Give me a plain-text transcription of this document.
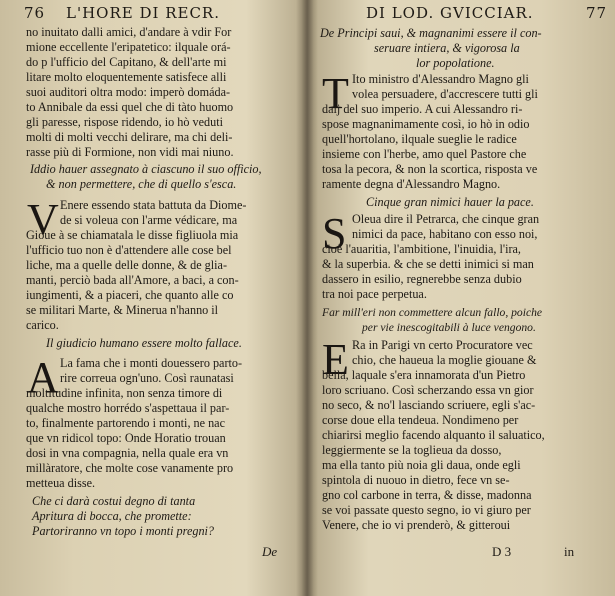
76 L'HORE DI RECR.
no inuitato dalli amici, d'andare à vdir For
mione eccellente l'eripatetico: ilquale orá-
do p l'ufficio del Capitano, & dell'arte mi
litare molto eloquentemente satisfece alli
suoi auditori oltra modo: imperò domáda-
to Annibale da essi quel che di tàto huomo
gli paresse, rispose ridendo, io hò veduti
molti di molti vecchi delirare, ma chi deli-
rasse più di Formione, non vidi mai niuno.
Iddio hauer assegnato à ciascuno il suo officio,
& non permettere, che di quello s'esca.
V Enere essendo stata battuta da Diome-
de si voleua con l'arme védicare, ma
Gioue à se chiamatala le disse figliuola mia
l'ufficio tuo non è d'attendere alle cose bel
liche, ma a quelle delle donne, & de glia-
manti, perciò bada all'Amore, a baci, a con-
iungimenti, & a piaceri, che quanto alle co
se militari Marte, & Minerua n'hanno il
carico.
Il giudicio humano essere molto fallace.
A La fama che i monti douessero parto-
rire correua ogn'uno. Così raunatasi
moltitudine infinita, non senza timore di
qualche mostro horrédo s'aspettaua il par-
to, finalmente partorendo i monti, ne nac
que vn ridicol topo: Onde Horatio trouan
dosi in vna compagnia, nella quale era vn
millàratore, che molte cose vanamente pro
metteua disse.
Che ci darà costui degno di tanta
Apritura di bocca, che promette:
Partoriranno vn topo i monti pregni?
De
DI LOD. GVICCIAR.	77
De Principi saui, & magnanimi essere il con-
seruare intiera, & vigorosa la
lor popolatione.
T Ito ministro d'Alessandro Magno gli
volea persuadere, d'accrescere tutti gli
daij del suo imperio. A cui Alessandro ri-
spose magnanimamente così, io hò in odio
quell'hortolano, ilquale sueglie le radice
insieme con l'herbe, amo quel Pastore che
tosa la pecora, & non la scortica, risposta ve
ramente degna d'Alessandro Magno.
Cinque gran nimici hauer la pace.
S Oleua dire il Petrarca, che cinque gran
nimici da pace, habitano con esso noi,
cioè l'auaritia, l'ambitione, l'inuidia, l'ira,
& la superbia. & che se detti inimici si man
dassero in esilio, regnerebbe senza dubio
tra noi pace perpetua.
Far mill'eri non commettere alcun fallo, poiche
per vie inescogitabili à luce vengono.
E Ra in Parigi vn certo Procuratore vec
chio, che haueua la moglie giouane &
bella, laquale s'era innamorata d'un Pietro
loro scriuano. Così scherzando essa vn gior
no seco, & no'l lasciando scriuere, egli s'ac-
corse doue ella tendeua. Nondimeno per
chiarirsi meglio facendo alquanto il saluatico,
leggiermente se la toglieua da dosso,
ma ella tanto più noia gli daua, onde egli
spintola di nuouo in dietro, fece vn se-
gno col carbone in terra, & disse, madonna
se voi passate questo segno, io vi giuro per
Venere, che io vi prenderò, & gitteroui
D 3	in
